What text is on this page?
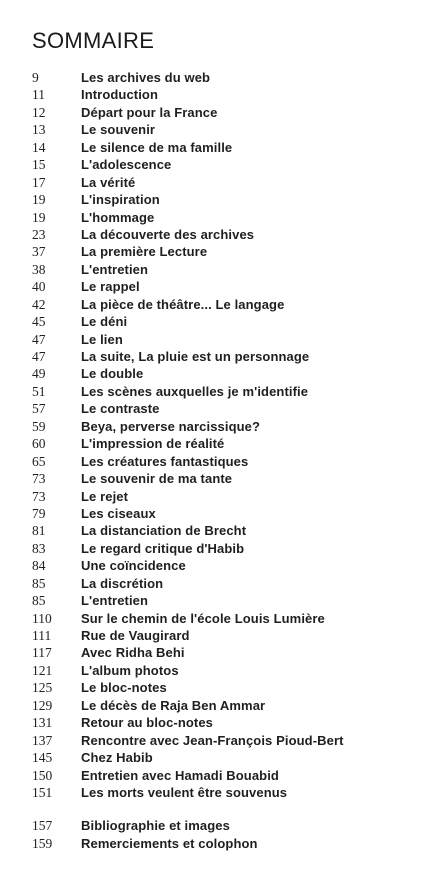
SOMMAIRE
9	Les archives du web
11	Introduction
12	Départ pour la France
13	Le souvenir
14	Le silence de ma famille
15	L'adolescence
17	La vérité
19	L'inspiration
19	L'hommage
23	La découverte des archives
37	La première Lecture
38	L'entretien
40	Le rappel
42	La pièce de théâtre... Le langage
45	Le déni
47	Le lien
47	La suite, La pluie est un personnage
49	Le double
51	Les scènes auxquelles je m'identifie
57	Le contraste
59	Beya, perverse narcissique?
60	L'impression de réalité
65	Les créatures fantastiques
73	Le souvenir de ma tante
73	Le rejet
79	Les ciseaux
81	La distanciation de Brecht
83	Le regard critique d'Habib
84	Une coïncidence
85	La discrétion
85	L'entretien
110	Sur le chemin de l'école Louis Lumière
111	Rue de Vaugirard
117	Avec Ridha Behi
121	L'album photos
125	Le bloc-notes
129	Le décès de Raja Ben Ammar
131	Retour au bloc-notes
137	Rencontre avec Jean-François Pioud-Bert
145	Chez Habib
150	Entretien avec Hamadi Bouabid
151	Les morts veulent être souvenus
157	Bibliographie et images
159	Remerciements et colophon
